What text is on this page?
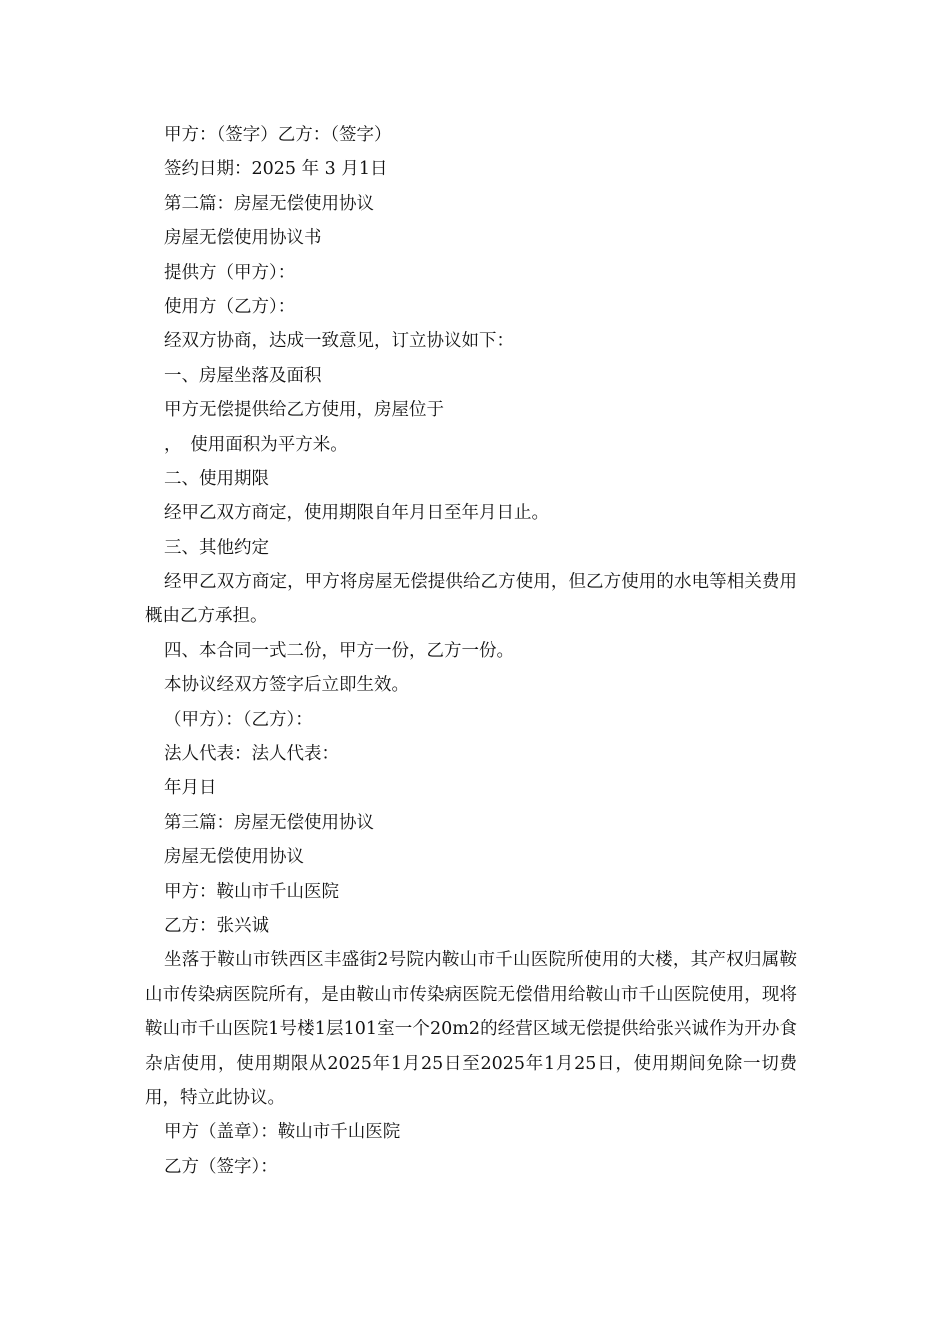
甲方：（签字）乙方：（签字）
签约日期：2025 年 3 月1日
第二篇：房屋无偿使用协议
房屋无偿使用协议书
提供方（甲方）：
使用方（乙方）：
经双方协商，达成一致意见，订立协议如下：
一、房屋坐落及面积
甲方无偿提供给乙方使用，房屋位于
，　使用面积为平方米。
二、使用期限
经甲乙双方商定，使用期限自年月日至年月日止。
三、其他约定
经甲乙双方商定，甲方将房屋无偿提供给乙方使用，但乙方使用的水电等相关费用概由乙方承担。
四、本合同一式二份，甲方一份，乙方一份。
本协议经双方签字后立即生效。
（甲方）：（乙方）：
法人代表：法人代表：
年月日
第三篇：房屋无偿使用协议
房屋无偿使用协议
甲方：鞍山市千山医院
乙方：张兴诚
坐落于鞍山市铁西区丰盛街2号院内鞍山市千山医院所使用的大楼，其产权归属鞍山市传染病医院所有，是由鞍山市传染病医院无偿借用给鞍山市千山医院使用，现将鞍山市千山医院1号楼1层101室一个20m2的经营区域无偿提供给张兴诚作为开办食杂店使用，使用期限从2025年1月25日至2025年1月25日，使用期间免除一切费用，特立此协议。
甲方（盖章）：鞍山市千山医院
乙方（签字）：
